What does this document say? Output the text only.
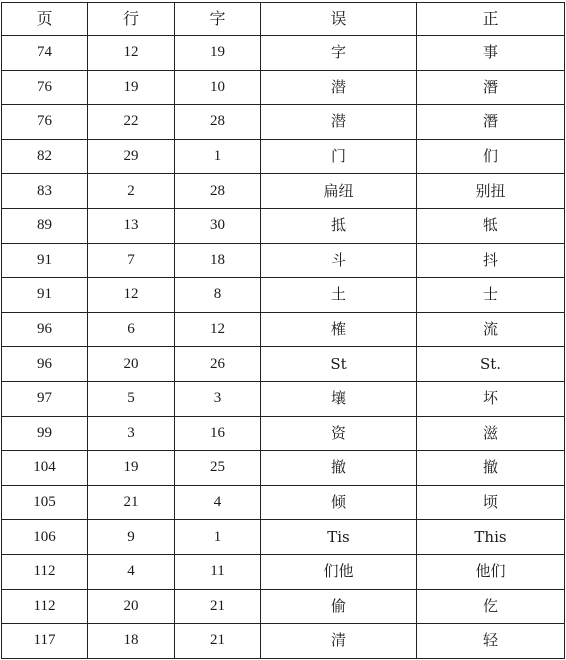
页	行	字	误	正
74	12	19	字	事
76	19	10	潜	潛
76	22	28	潜	潛
82	29	1	门	们
83	2	28	扁纽	别扭
89	13	30	抵	牴
91	7	18	斗	抖
91	12	8	土	士
96	6	12	榷	流
96	20	26	St	St.
97	5	3	壤	坏
99	3	16	资	滋
104	19	25	撤	撤
105	21	4	倾	顷
106	9	1	Tis	This
112	4	11	们他	他们
112	20	21	偷	仡
117	18	21	清	轻
